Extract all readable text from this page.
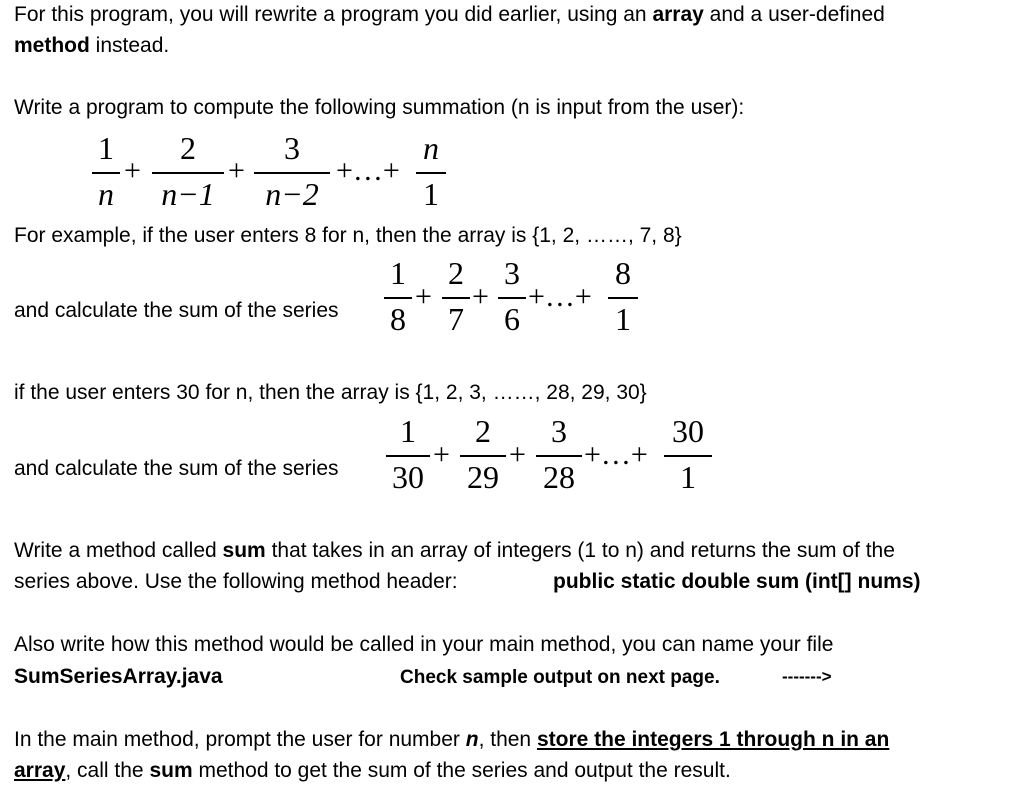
For this program, you will rewrite a program you did earlier, using an array and a user-defined
method instead.
Write a program to compute the following summation (n is input from the user):
1
n
+
2
n−1
+
3
n−2
+…+
n
1
For example, if the user enters 8 for n, then the array is {1, 2, ……, 7, 8}
and calculate the sum of the series
1
8
+
2
7
+
3
6
+…+
8
1
if the user enters 30 for n, then the array is {1, 2, 3, ……, 28, 29, 30}
and calculate the sum of the series
1
30
+
2
29
+
3
28
+…+
30
1
Write a method called sum that takes in an array of integers (1 to n) and returns the sum of the
series above. Use the following method header:	public static double sum (int[] nums)
Also write how this method would be called in your main method, you can name your file
SumSeriesArray.java	Check sample output on next page.	------->
In the main method, prompt the user for number n, then store the integers 1 through n in an
array, call the sum method to get the sum of the series and output the result.
